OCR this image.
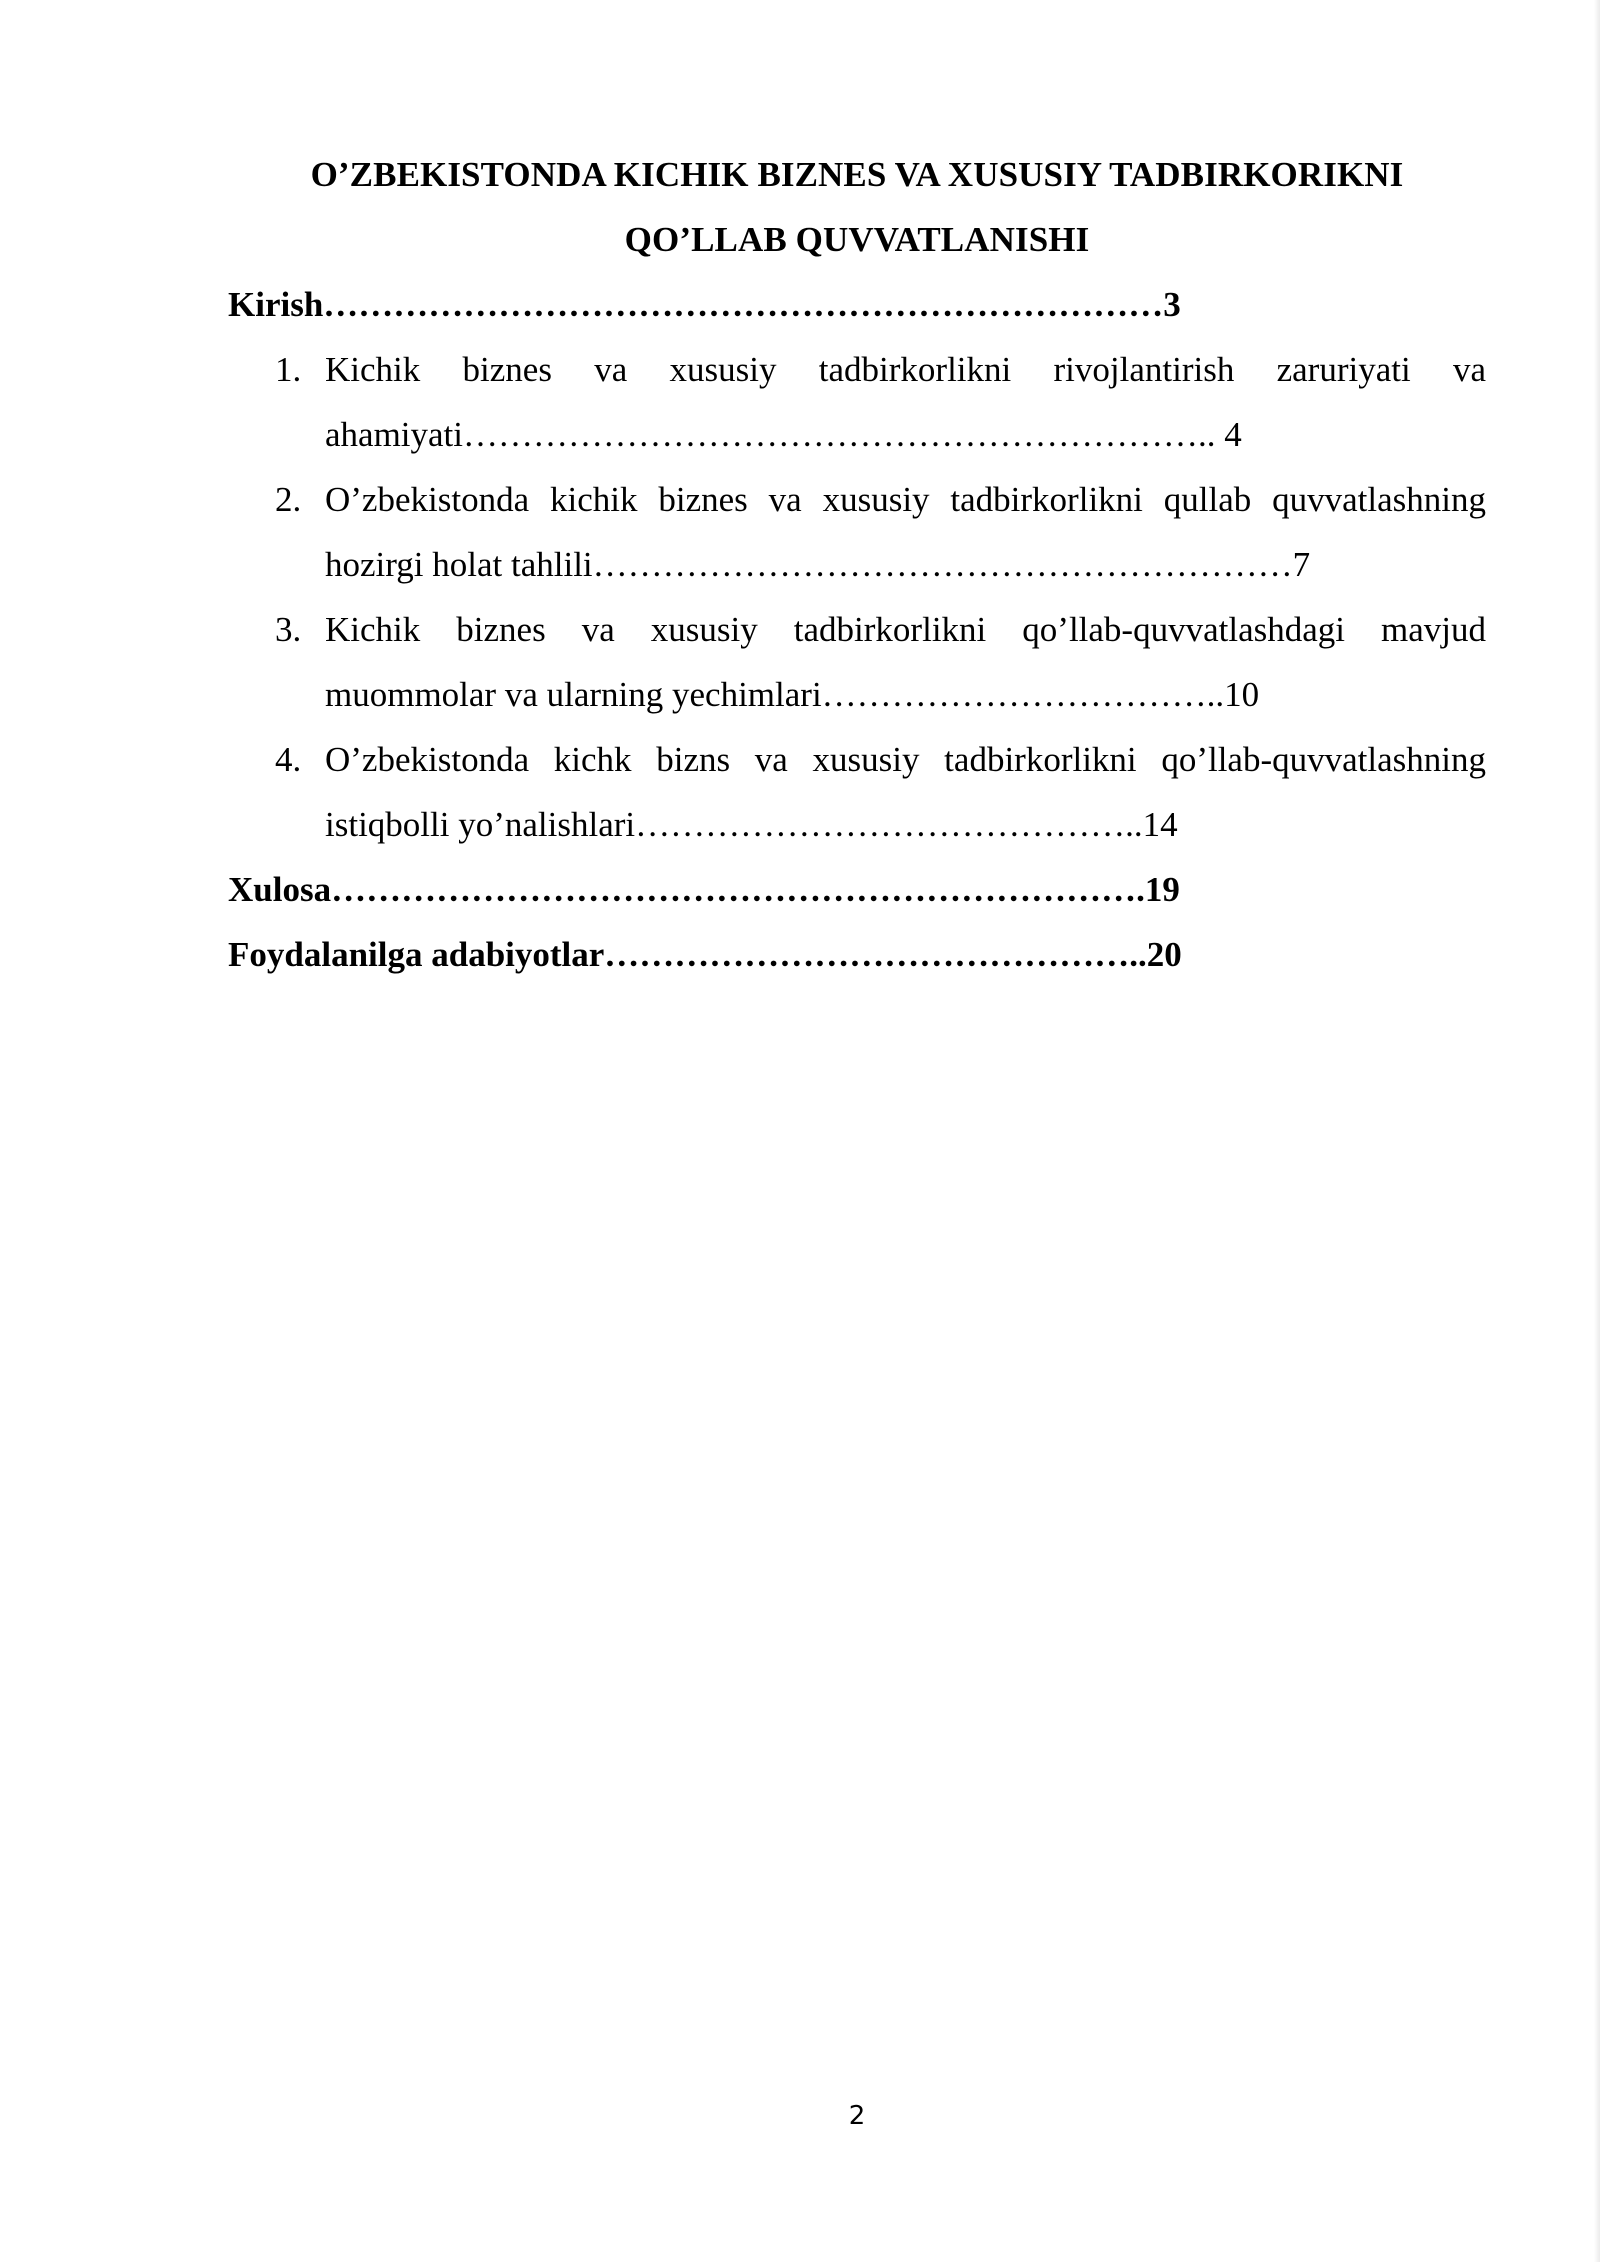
O’ZBEKISTONDA KICHIK BIZNES VA XUSUSIY TADBIRKORIKNI
QO’LLAB QUVVATLANISHI
Kirish………………………………………………………………3
1. Kichik biznes va xususiy tadbirkorlikni rivojlantirish zaruriyati va
ahamiyati……………………………………………………….. 4
2. O’zbekistonda kichik biznes va xususiy tadbirkorlikni qullab quvvatlashning
hozirgi holat tahlili……………………………………………………7
3. Kichik biznes va xususiy tadbirkorlikni qo’llab-quvvatlashdagi mavjud
muommolar va ularning yechimlari……………………………..10
4. O’zbekistonda kichk bizns va xususiy tadbirkorlikni qo’llab-quvvatlashning
istiqbolli yo’nalishlari……………………………………..14
Xulosa…………………………………………………………….19
Foydalanilga adabiyotlar………………………………………..20
2
